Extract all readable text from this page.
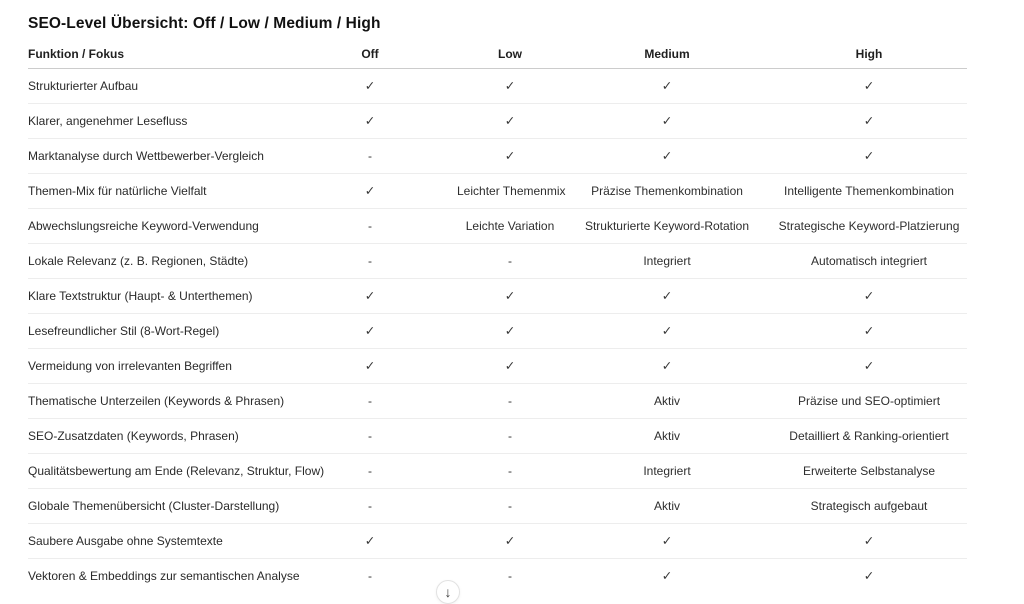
SEO-Level Übersicht: Off / Low / Medium / High
Funktion / Fokus	Off	Low	Medium	High
Strukturierter Aufbau	✓	✓	✓	✓
Klarer, angenehmer Lesefluss	✓	✓	✓	✓
Marktanalyse durch Wettbewerber-Vergleich	-	✓	✓	✓
Themen-Mix für natürliche Vielfalt	✓	Leichter Themenmix	Präzise Themenkombination	Intelligente Themenkombination
Abwechslungsreiche Keyword-Verwendung	-	Leichte Variation	Strukturierte Keyword-Rotation	Strategische Keyword-Platzierung
Lokale Relevanz (z. B. Regionen, Städte)	-	-	Integriert	Automatisch integriert
Klare Textstruktur (Haupt- & Unterthemen)	✓	✓	✓	✓
Lesefreundlicher Stil (8-Wort-Regel)	✓	✓	✓	✓
Vermeidung von irrelevanten Begriffen	✓	✓	✓	✓
Thematische Unterzeilen (Keywords & Phrasen)	-	-	Aktiv	Präzise und SEO-optimiert
SEO-Zusatzdaten (Keywords, Phrasen)	-	-	Aktiv	Detailliert & Ranking-orientiert
Qualitätsbewertung am Ende (Relevanz, Struktur, Flow)	-	-	Integriert	Erweiterte Selbstanalyse
Globale Themenübersicht (Cluster-Darstellung)	-	-	Aktiv	Strategisch aufgebaut
Saubere Ausgabe ohne Systemtexte	✓	✓	✓	✓
Vektoren & Embeddings zur semantischen Analyse	-	-	✓	✓
↓
